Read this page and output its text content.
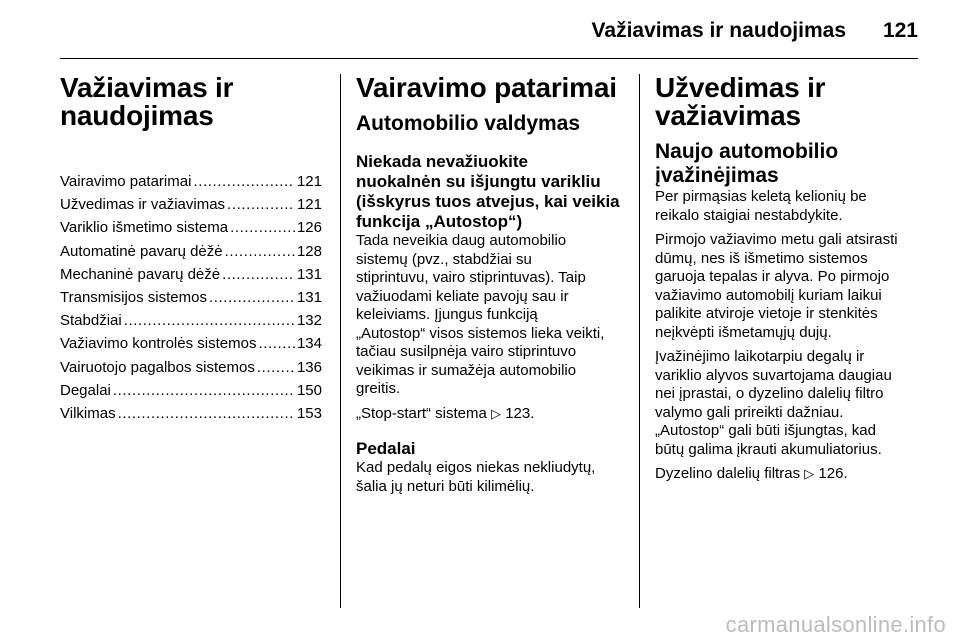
Važiavimas ir naudojimas 121
Važiavimas ir
naudojimas
Vairavimo patarimai .....	121
Užvedimas ir važiavimas .....	121
Variklio išmetimo sistema .....	126
Automatinė pavarų dėžė .....	128
Mechaninė pavarų dėžė .....	131
Transmisijos sistemos .....	131
Stabdžiai .....	132
Važiavimo kontrolės sistemos .....	134
Vairuotojo pagalbos sistemos .....	136
Degalai .....	150
Vilkimas .....	153
Vairavimo patarimai
Automobilio valdymas
Niekada nevažiuokite
nuokalnėn su išjungtu varikliu
(išskyrus tuos atvejus, kai veikia
funkcija „Autostop“)

Tada neveikia daug automobilio
sistemų (pvz., stabdžiai su
stiprintuvu, vairo stiprintuvas). Taip
važiuodami keliate pavojų sau ir
keleiviams. Įjungus funkciją
„Autostop“ visos sistemos lieka veikti,
tačiau susilpnėja vairo stiprintuvo
veikimas ir sumažėja automobilio
greitis.

„Stop-start“ sistema ▷ 123.

Pedalai

Kad pedalų eigos niekas nekliudytų,
šalia jų neturi būti kilimėlių.

Užvedimas ir
važiavimas
Naujo automobilio
įvažinėjimas

Per pirmąsias keletą kelionių be
reikalo staigiai nestabdykite.

Pirmojo važiavimo metu gali atsirasti
dūmų, nes iš išmetimo sistemos
garuoja tepalas ir alyva. Po pirmojo
važiavimo automobilį kuriam laikui
palikite atviroje vietoje ir stenkitės
neįkvėpti išmetamųjų dujų.

Įvažinėjimo laikotarpiu degalų ir
variklio alyvos suvartojama daugiau
nei įprastai, o dyzelino dalelių filtro
valymo gali prireikti dažniau.
„Autostop“ gali būti išjungtas, kad
būtų galima įkrauti akumuliatorius.

Dyzelino dalelių filtras ▷ 126.

carmanualsonline.info
